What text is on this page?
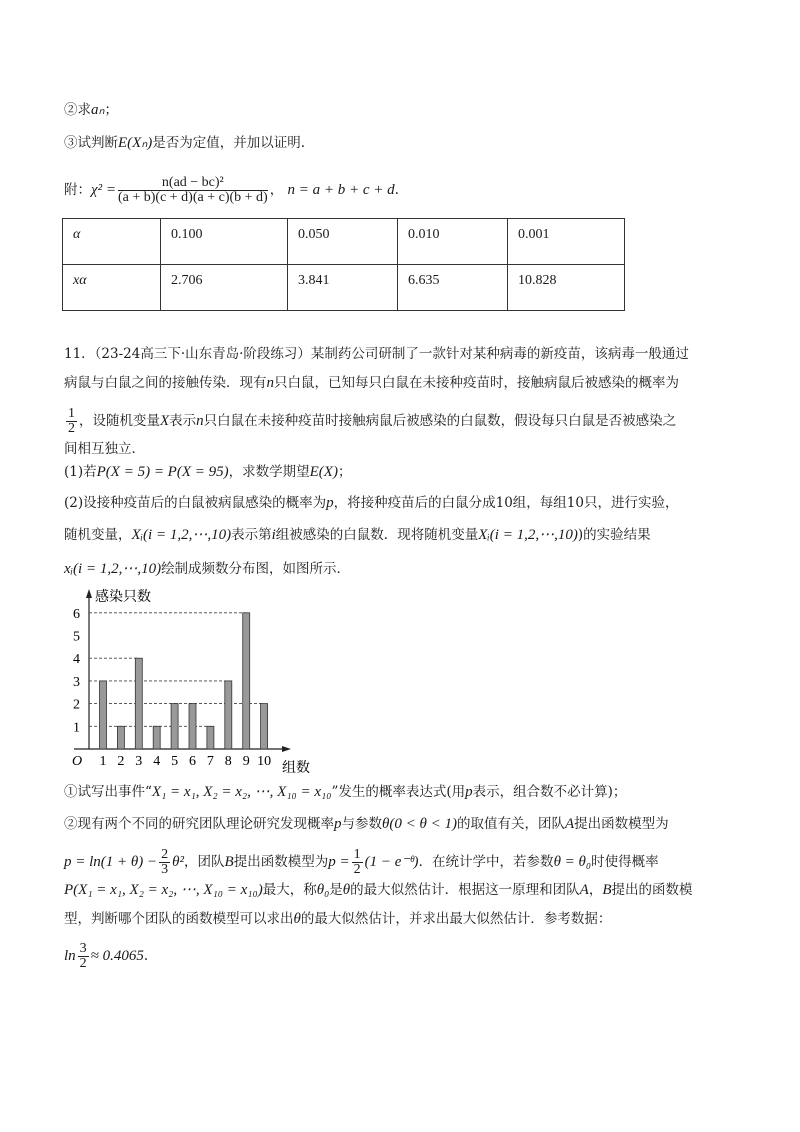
②求aₙ；
③试判断E(Xₙ)是否为定值，并加以证明.
附：$\chi^2 = \frac{\text{n(ad − bc)²}}{(a + b)(c + d)(a + c)(b + d)}$ ， n = a + b + c + d.
11．（23-24高三下·山东青岛·阶段练习）某制药公司研制了一款针对某种病毒的新疫苗，该病毒一般通过
病鼠与白鼠之间的接触传染．现有n只白鼠，已知每只白鼠在未接种疫苗时，接触病鼠后被感染的概率为
$\frac{1}{2}$ ，设随机变量X表示n只白鼠在未接种疫苗时接触病鼠后被感染的白鼠数，假设每只白鼠是否被感染之
间相互独立．
(1)若P(X = 5) = P(X = 95)，求数学期望E(X)；
(2)设接种疫苗后的白鼠被病鼠感染的概率为p，将接种疫苗后的白鼠分成10组，每组10只，进行实验，
随机变量，Xᵢ(i = 1,2,⋯,10)表示第i组被感染的白鼠数．现将随机变量Xᵢ(i = 1,2,⋯,10))的实验结果
xᵢ(i = 1,2,⋯,10)绘制成频数分布图，如图所示．
①试写出事件“X₁ = x₁, X₂ = x₂, ⋯, X₁₀ = x₁₀”发生的概率表达式(用p表示，组合数不必计算)；
②现有两个不同的研究团队理论研究发现概率p与参数θ(0 < θ < 1)的取值有关，团队A提出函数模型为
$p = \ln(1 + \theta) - \frac{2}{3} \theta^2$，团队B提出函数模型为$p = \frac{1}{2} (1$ − e⁻ᶿ)．在统计学中，若参数θ = θ₀时使得概率
P(X₁ = x₁, X₂ = x₂, ⋯, X₁₀ = x₁₀)最大，称θ₀是θ的最大似然估计．根据这一原理和团队A，B提出的函数模
型，判断哪个团队的函数模型可以求出θ的最大似然估计，并求出最大似然估计．参考数据：
$\ln \frac{3}{2} \approx 0.4065$.
α	0.100	0.050	0.010	0.001
xα	2.706	3.841	6.635	10.828
感染只数
组数
O
1
2
3
4
5
6
1 2 3 4 5 6 7 8 9 10
